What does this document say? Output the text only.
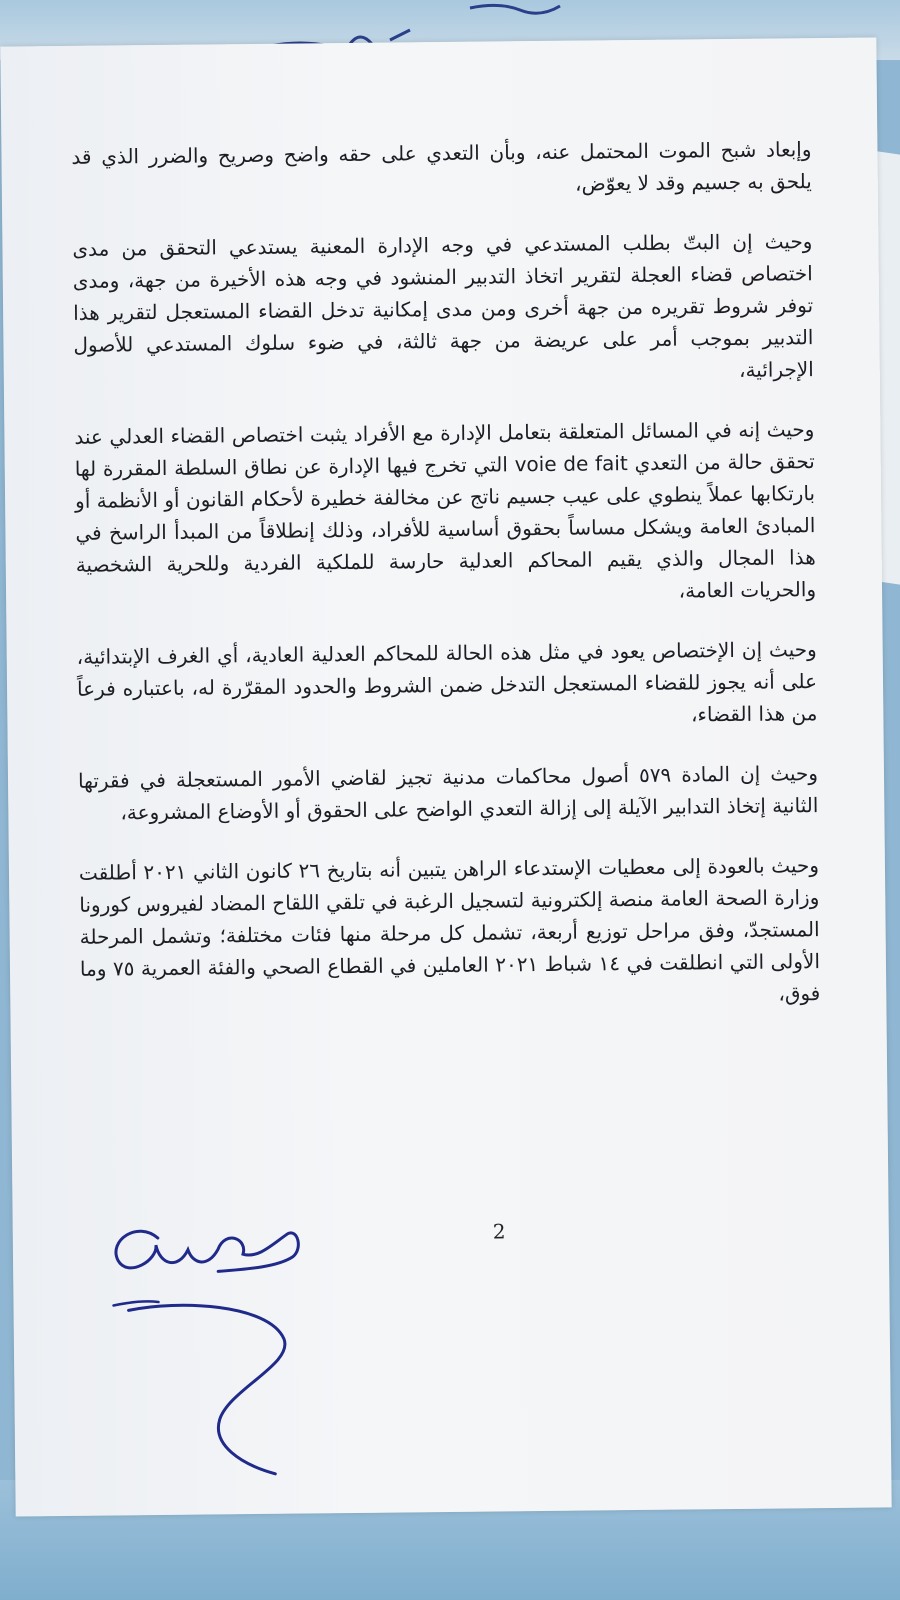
وإبعاد شبح الموت المحتمل عنه، وبأن التعدي على حقه واضح وصريح والضرر الذي قد يلحق به جسيم وقد لا يعوّض،

وحيث إن البتّ بطلب المستدعي في وجه الإدارة المعنية يستدعي التحقق من مدى اختصاص قضاء العجلة لتقرير اتخاذ التدبير المنشود في وجه هذه الأخيرة من جهة، ومدى توفر شروط تقريره من جهة أخرى ومن مدى إمكانية تدخل القضاء المستعجل لتقرير هذا التدبير بموجب أمر على عريضة من جهة ثالثة، في ضوء سلوك المستدعي للأصول الإجرائية،

وحيث إنه في المسائل المتعلقة بتعامل الإدارة مع الأفراد يثبت اختصاص القضاء العدلي عند تحقق حالة من التعدي voie de fait التي تخرج فيها الإدارة عن نطاق السلطة المقررة لها بارتكابها عملاً ينطوي على عيب جسيم ناتج عن مخالفة خطيرة لأحكام القانون أو الأنظمة أو المبادئ العامة ويشكل مساساً بحقوق أساسية للأفراد، وذلك إنطلاقاً من المبدأ الراسخ في هذا المجال والذي يقيم المحاكم العدلية حارسة للملكية الفردية وللحرية الشخصية والحريات العامة،

وحيث إن الإختصاص يعود في مثل هذه الحالة للمحاكم العدلية العادية، أي الغرف الإبتدائية، على أنه يجوز للقضاء المستعجل التدخل ضمن الشروط والحدود المقرّرة له، باعتباره فرعاً من هذا القضاء،

وحيث إن المادة ٥٧٩ أصول محاكمات مدنية تجيز لقاضي الأمور المستعجلة في فقرتها الثانية إتخاذ التدابير الآيلة إلى إزالة التعدي الواضح على الحقوق أو الأوضاع المشروعة،

وحيث بالعودة إلى معطيات الإستدعاء الراهن يتبين أنه بتاريخ ٢٦ كانون الثاني ٢٠٢١ أطلقت وزارة الصحة العامة منصة إلكترونية لتسجيل الرغبة في تلقي اللقاح المضاد لفيروس كورونا المستجدّ، وفق مراحل توزيع أربعة، تشمل كل مرحلة منها فئات مختلفة؛ وتشمل المرحلة الأولى التي انطلقت في ١٤ شباط ٢٠٢١ العاملين في القطاع الصحي والفئة العمرية ٧٥ وما فوق،

2
